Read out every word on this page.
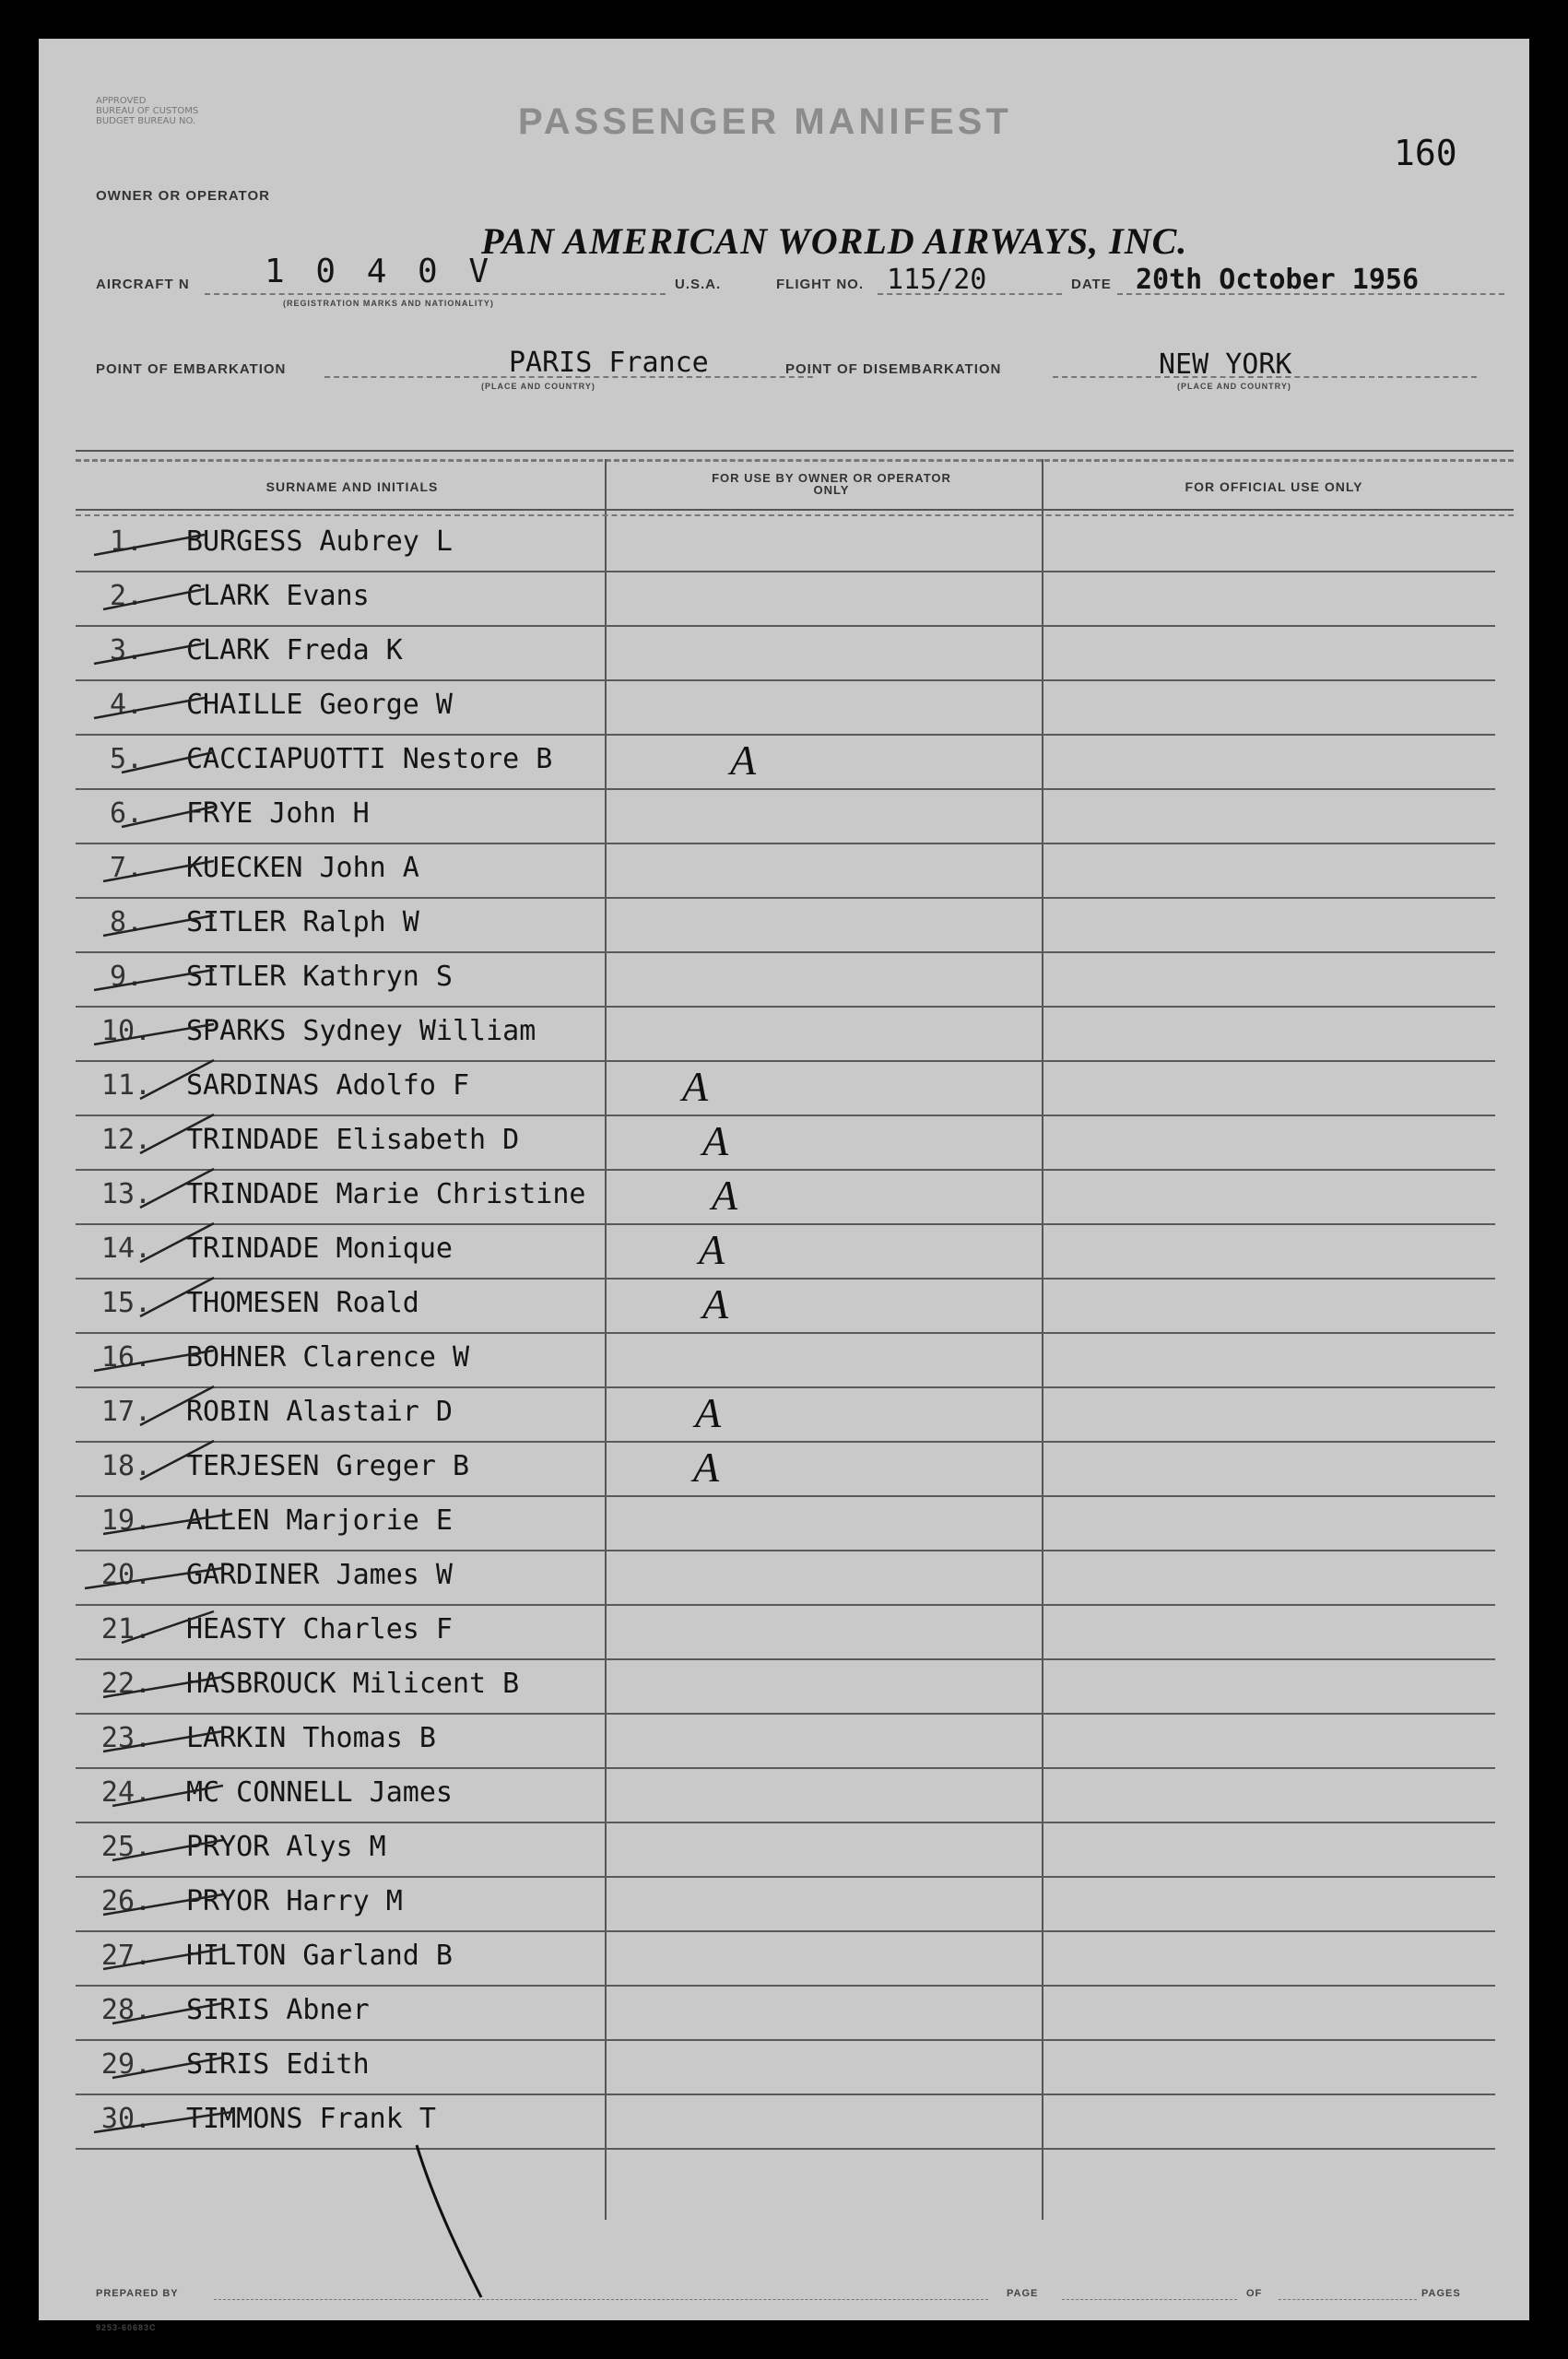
APPROVED
BUREAU OF CUSTOMS
BUDGET BUREAU NO.	PASSENGER MANIFEST
160
OWNER OR OPERATOR
PAN AMERICAN WORLD AIRWAYS, INC.
AIRCRAFT N 1 0 4 0 V
(REGISTRATION MARKS AND NATIONALITY)
U.S.A.	FLIGHT NO. 115/20	DATE 20th October 1956
POINT OF EMBARKATION	PARIS France
(PLACE AND COUNTRY)
POINT OF DISEMBARKATION	NEW YORK
(PLACE AND COUNTRY)
SURNAME AND INITIALS
FOR USE BY OWNER OR OPERATOR ONLY	FOR OFFICIAL USE ONLY
1.	BURGESS Aubrey L
2.	CLARK Evans
3.	CLARK Freda K
4.	CHAILLE George W
5.	CACCIAPUOTTI Nestore B	A
6.	FRYE John H
7.	KUECKEN John A
8.	SITLER Ralph W
9.	SITLER Kathryn S
10.	SPARKS Sydney William
11.	SARDINAS Adolfo F	A
12.	TRINDADE Elisabeth D	A
13.	TRINDADE Marie Christine	A
14.	TRINDADE Monique	A
15.	THOMESEN Roald	A
16.	BOHNER Clarence W
17.	ROBIN Alastair D	A
18.	TERJESEN Greger B	A
19.	ALLEN Marjorie E
20.	GARDINER James W
21.	HEASTY Charles F
22.	HASBROUCK Milicent B
23.	LARKIN Thomas B
24.	MC CONNELL James
25.	PRYOR Alys M
26.	PRYOR Harry M
27.	HILTON Garland B
28.	SIRIS Abner
29.	SIRIS Edith
30.	TIMMONS Frank T
PREPARED BY	PAGE	OF	PAGES
9253-60683C
